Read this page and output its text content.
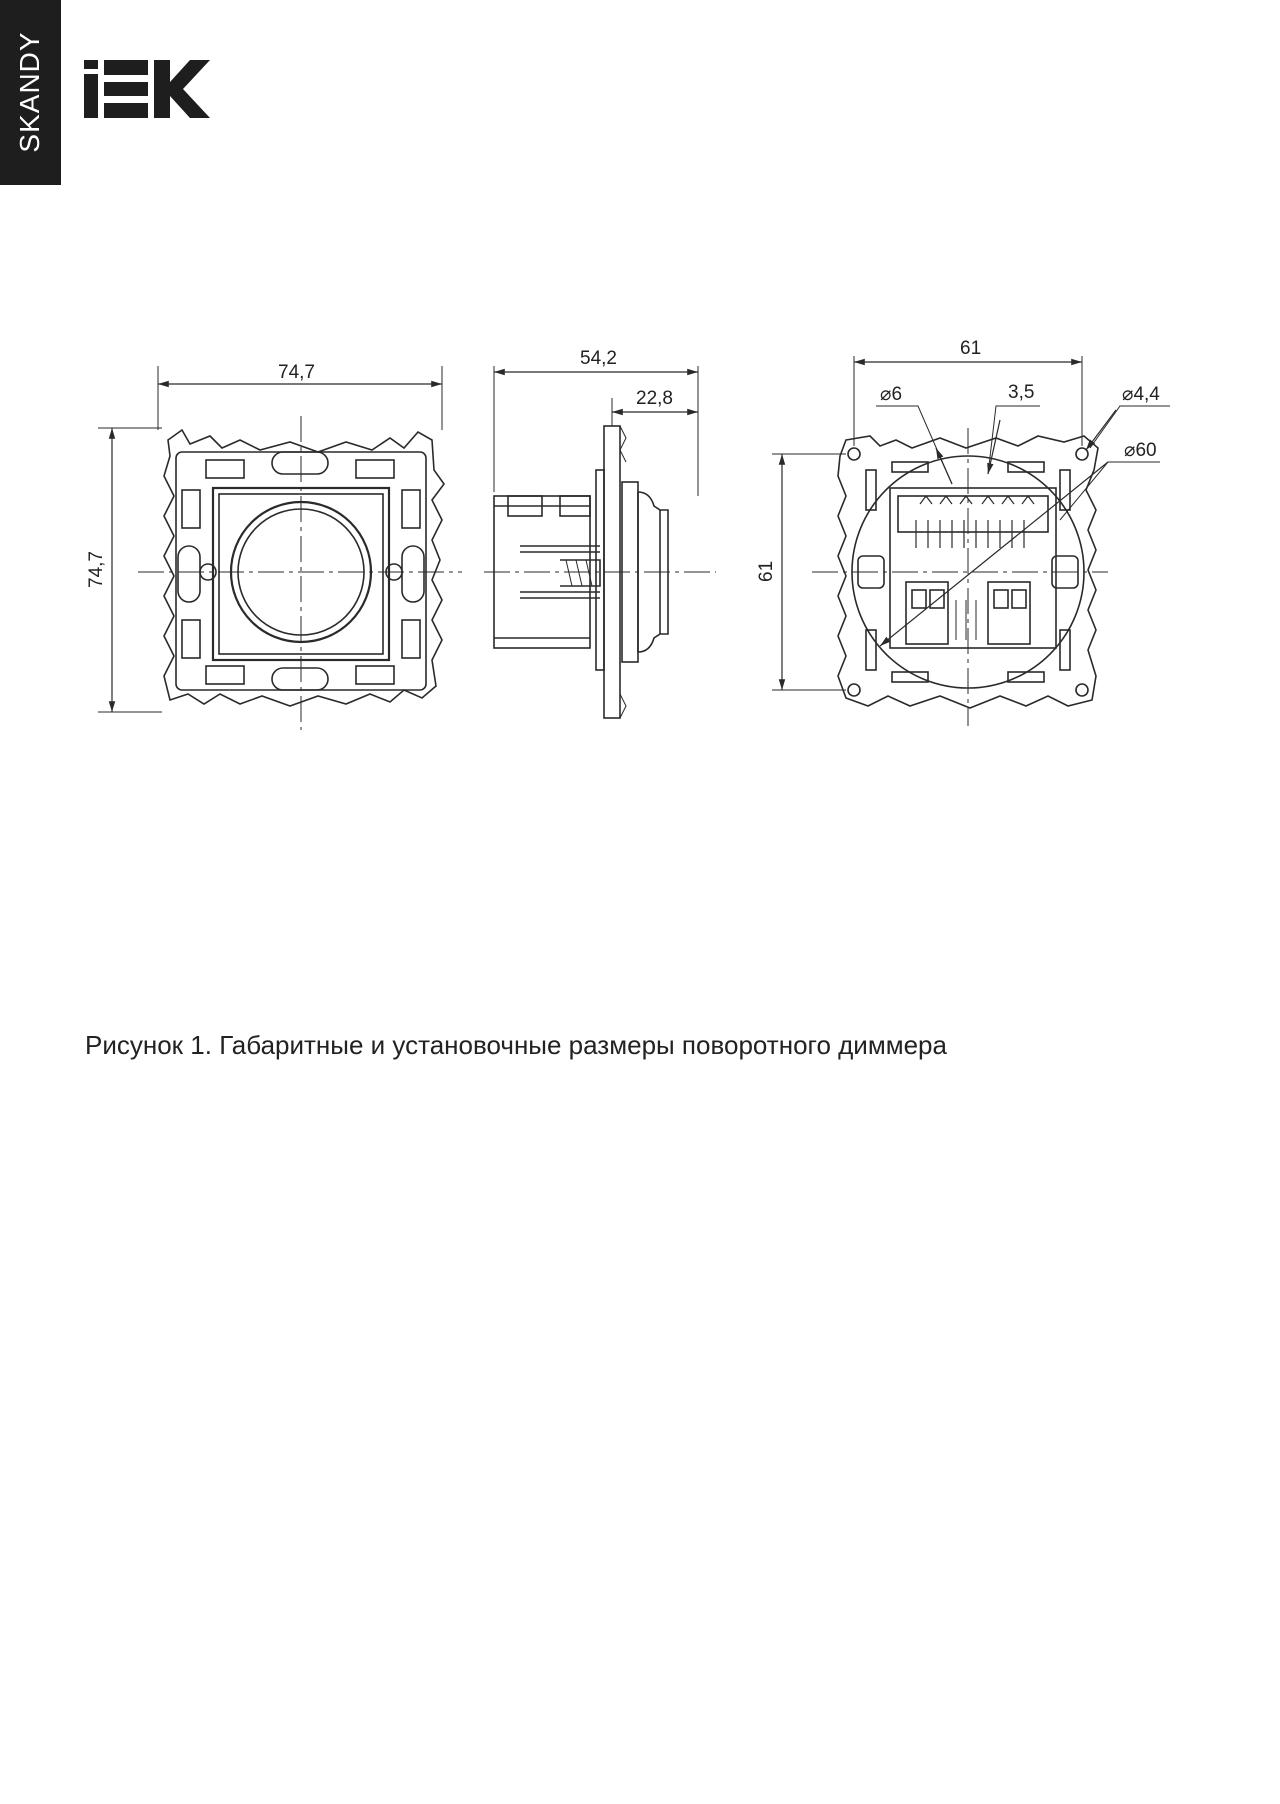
SKANDY
74,7
74,7
54,2
22,8
61
61
⌀6	3,5	⌀4,4
⌀60
Рисунок 1. Габаритные и установочные размеры поворотного диммера
